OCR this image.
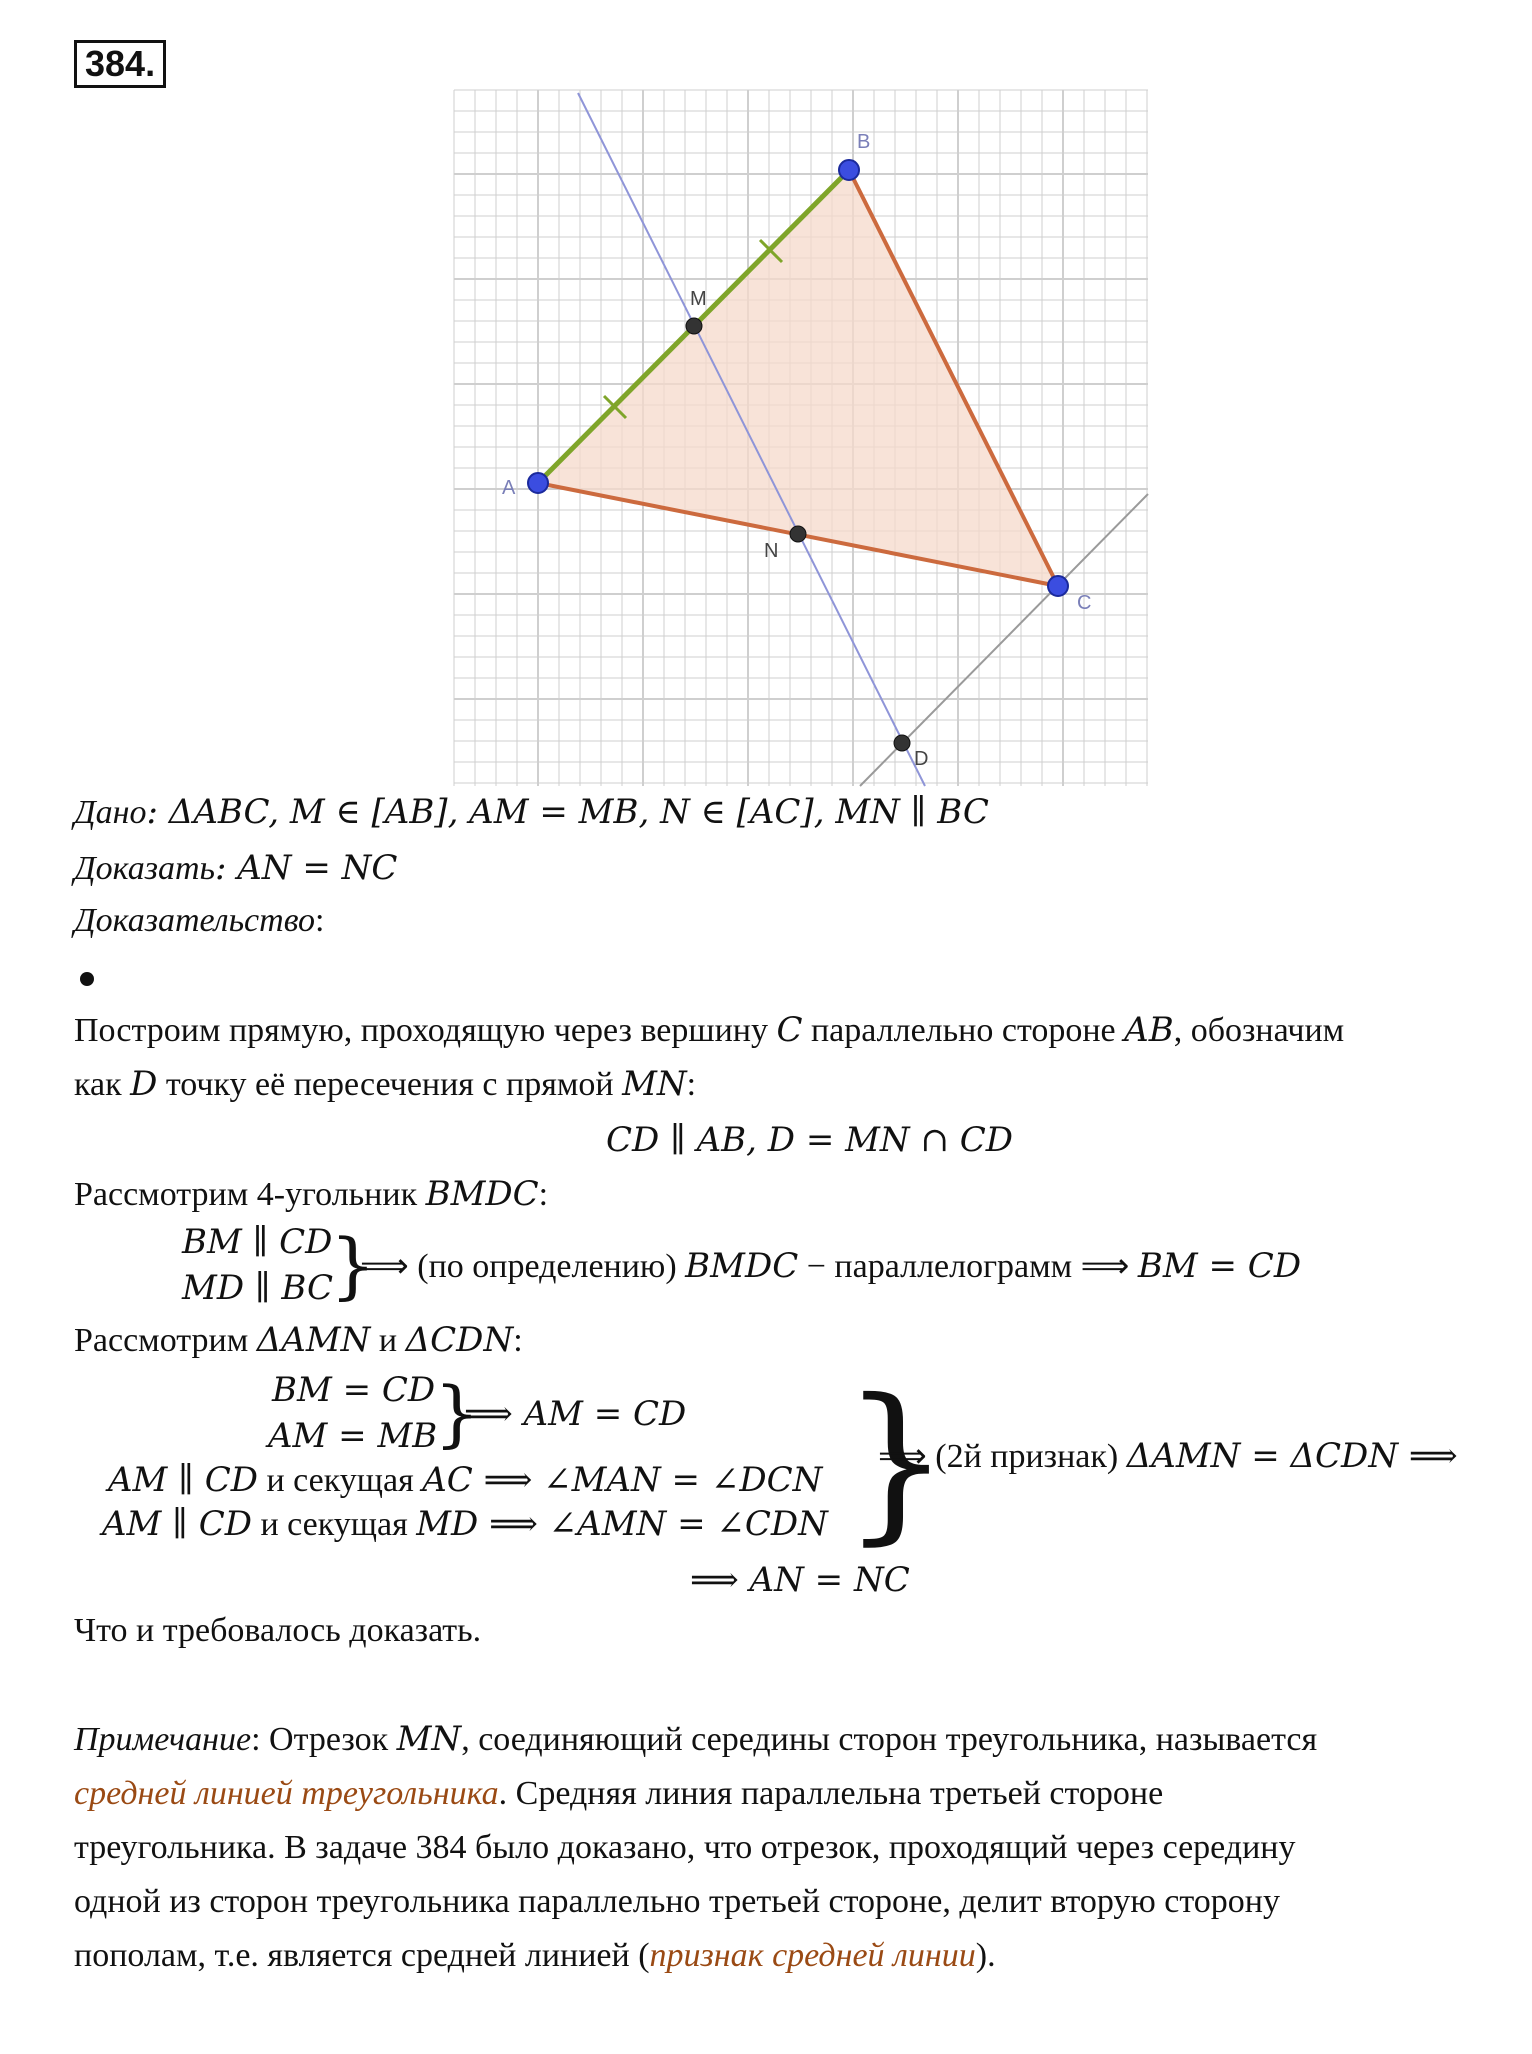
384.
A
B
C
M
N
D
Дано: ΔABC, M ∈ [AB], AM = MB, N ∈ [AC], MN ∥ BC
Доказать: AN = NC
Доказательство:
Построим прямую, проходящую через вершину C параллельно стороне AB, обозначим
как D точку её пересечения с прямой MN:
CD ∥ AB, D = MN ∩ CD
Рассмотрим 4-угольник BMDC:
BM ∥ CD
MD ∥ BC
}
⟹ (по определению) BMDC − параллелограмм ⟹ BM = CD
Рассмотрим ΔAMN и ΔCDN:
BM = CD
AM = MB
}
⟹ AM = CD
AM ∥ CD и секущая AC ⟹ ∠MAN = ∠DCN
AM ∥ CD и секущая MD ⟹ ∠AMN = ∠CDN }
⟹ (2й признак) ΔAMN = ΔCDN ⟹
⟹ AN = NC
Что и требовалось доказать.
Примечание: Отрезок MN, соединяющий середины сторон треугольника, называется
средней линией треугольника. Средняя линия параллельна третьей стороне
треугольника. В задаче 384 было доказано, что отрезок, проходящий через середину
одной из сторон треугольника параллельно третьей стороне, делит вторую сторону
пополам, т.е. является средней линией (признак средней линии).
